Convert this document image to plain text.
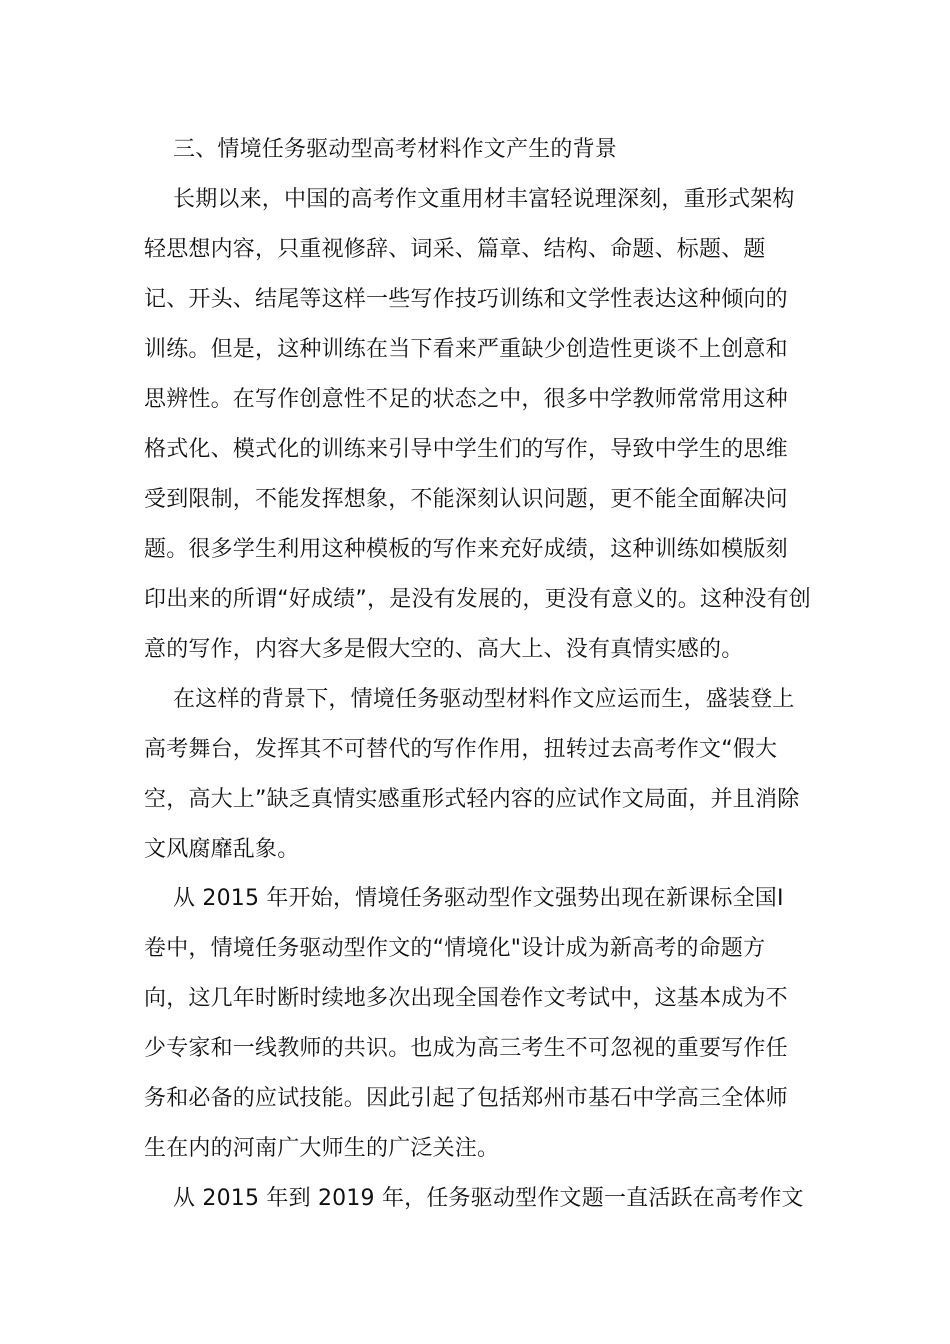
三、情境任务驱动型高考材料作文产生的背景

长期以来，中国的高考作文重用材丰富轻说理深刻，重形式架构

轻思想内容，只重视修辞、词采、篇章、结构、命题、标题、题

记、开头、结尾等这样一些写作技巧训练和文学性表达这种倾向的

训练。但是，这种训练在当下看来严重缺少创造性更谈不上创意和

思辨性。在写作创意性不足的状态之中，很多中学教师常常用这种

格式化、模式化的训练来引导中学生们的写作，导致中学生的思维

受到限制，不能发挥想象，不能深刻认识问题，更不能全面解决问

题。很多学生利用这种模板的写作来充好成绩，这种训练如模版刻

印出来的所谓“好成绩”，是没有发展的，更没有意义的。这种没有创

意的写作，内容大多是假大空的、高大上、没有真情实感的。

在这样的背景下，情境任务驱动型材料作文应运而生，盛装登上

高考舞台，发挥其不可替代的写作作用，扭转过去高考作文“假大

空，高大上”缺乏真情实感重形式轻内容的应试作文局面，并且消除

文风腐靡乱象。

从 2015 年开始，情境任务驱动型作文强势出现在新课标全国Ⅰ

卷中，情境任务驱动型作文的“情境化"设计成为新高考的命题方

向，这几年时断时续地多次出现全国卷作文考试中，这基本成为不

少专家和一线教师的共识。也成为高三考生不可忽视的重要写作任

务和必备的应试技能。因此引起了包括郑州市基石中学高三全体师

生在内的河南广大师生的广泛关注。

从 2015 年到 2019 年，任务驱动型作文题一直活跃在高考作文
